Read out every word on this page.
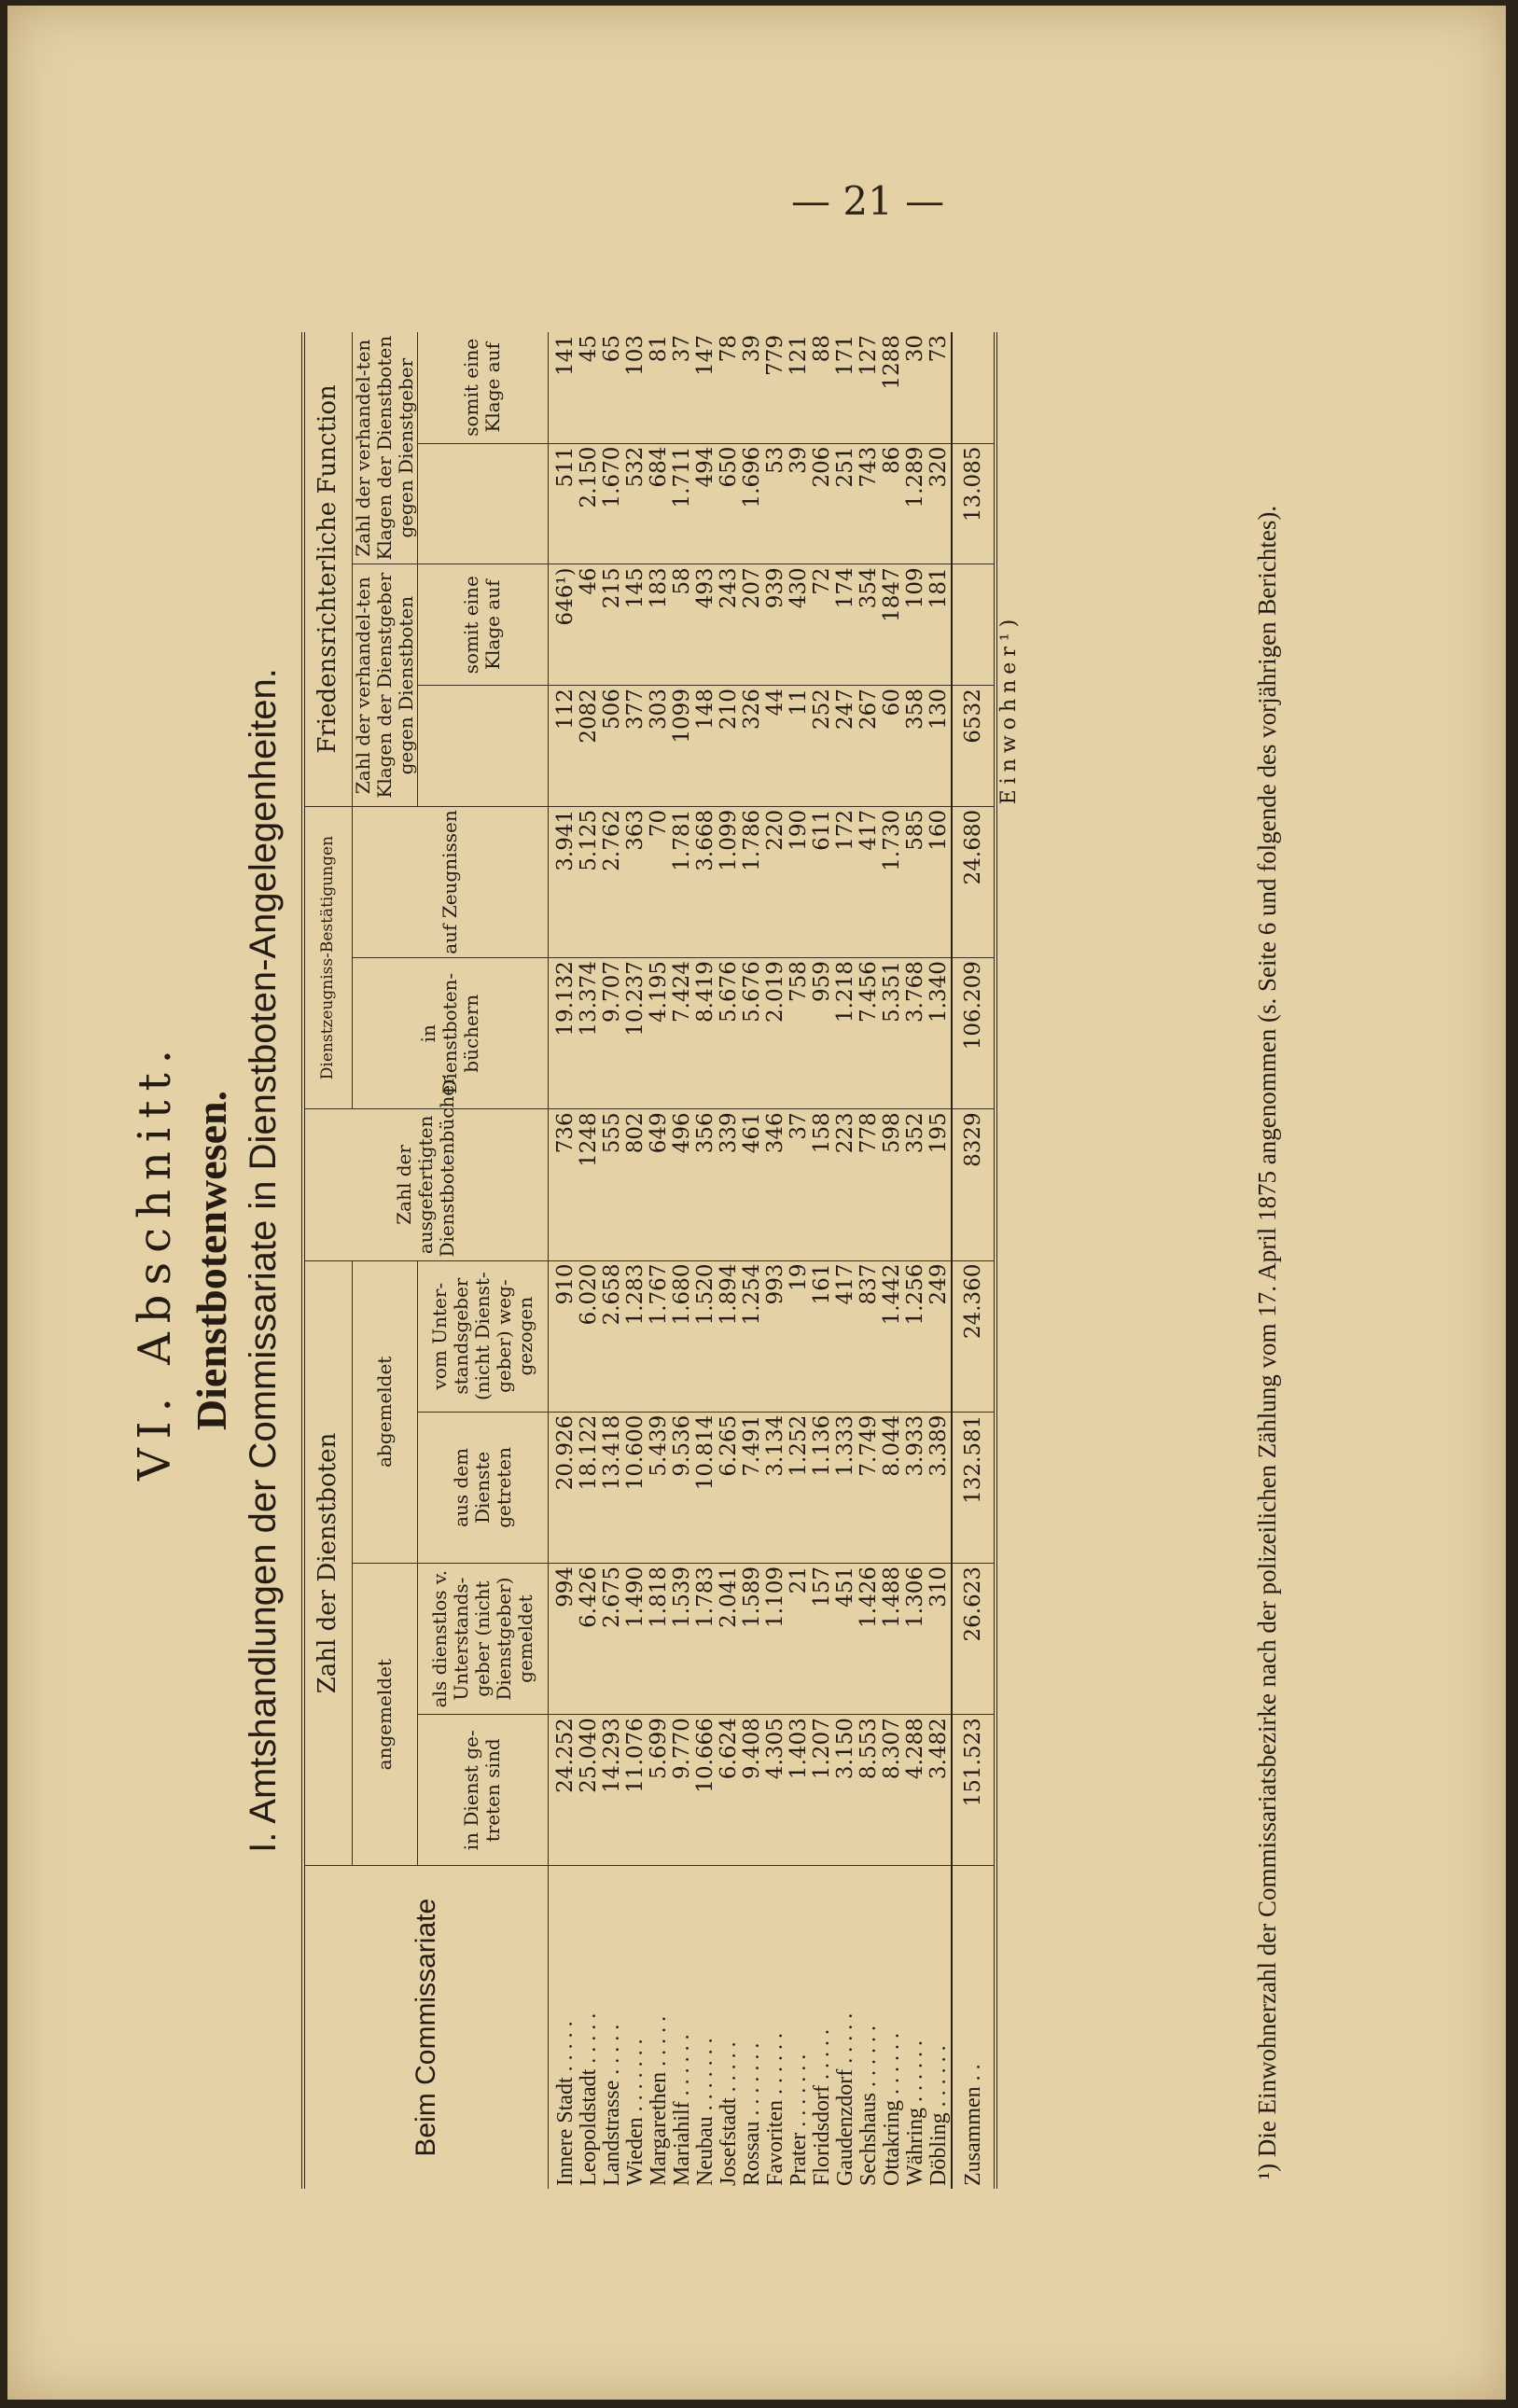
— 21 —
VI. Abschnitt. Dienstbotenwesen. I. Amtshandlungen der Commissariate in Dienstboten-Angelegenheiten.
Beim Commissariate	Zahl der Dienstboten				Zahl der ausgefertigten Dienstbotenbücher	Dienstzeugniss-Bestätigungen		Friedensrichterliche Function			
	angemeldet		abgemeldet			in Dienstboten-büchern	auf Zeugnissen	Zahl der verhandel-ten Klagen der Dienstgeber gegen Dienstboten		Zahl der verhandel-ten Klagen der Dienstboten gegen Dienstgeber	
	in Dienst ge-treten sind	als dienstlos v. Unterstands-geber (nicht Dienstgeber) gemeldet	aus dem Dienste getreten	vom Unter-standsgeber (nicht Dienst-geber) weg-gezogen					somit eine Klage auf		somit eine Klage auf
Innere Stadt . . . . .	24.252	994	20.926	910	736	19.132	3.941	112	646¹)	511	141
Leopoldstadt . . . . .	25.040	6.426	18.122	6.020	1248	13.374	5.125	2082	46	2.150	45
Landstrasse . . . . .	14.293	2.675	13.418	2.658	555	9.707	2.762	506	215	1.670	65
Wieden . . . . . . .	11.076	1.490	10.600	1.283	802	10.237	363	377	145	532	103
Margarethen . . . . .	5.699	1.818	5.439	1.767	649	4.195	70	303	183	684	81
Mariahilf . . . . . .	9.770	1.539	9.536	1.680	496	7.424	1.781	1099	58	1.711	37
Neubau . . . . . . .	10.666	1.783	10.814	1.520	356	8.419	3.668	148	493	494	147
Josefstadt . . . . .	6.624	2.041	6.265	1.894	339	5.676	1.099	210	243	650	78
Rossau . . . . . . .	9.408	1.589	7.491	1.254	461	5.676	1.786	326	207	1.696	39
Favoriten . . . . . .	4.305	1.109	3.134	993	346	2.019	220	44	939	53	779
Prater . . . . . . .	1.403	21	1.252	19	37	758	190	11	430	39	121
Floridsdorf . . . . .	1.207	157	1.136	161	158	959	611	252	72	206	88
Gaudenzdorf . . . . .	3.150	451	1.333	417	223	1.218	172	247	174	251	171
Sechshaus . . . . . .	8.553	1.426	7.749	837	778	7.456	417	267	354	743	127
Ottakring . . . . . .	8.307	1.488	8.044	1.442	598	5.351	1.730	60	1847	86	1288
Währing . . . . . .	4.288	1.306	3.933	1.256	352	3.768	585	358	109	1.289	30
Döbling . . . . . .	3.482	310	3.389	249	195	1.340	160	130	181	320	73
Zusammen . .	151.523	26.623	132.581	24.360	8329	106.209	24.680	6532		13.085	
								Einwohner¹)				¹) Die Einwohnerzahl der Commissariatsbezirke nach der polizeilichen Zählung vom 17. April 1875 angenommen (s. Seite 6 und folgende des vorjährigen Berichtes).
